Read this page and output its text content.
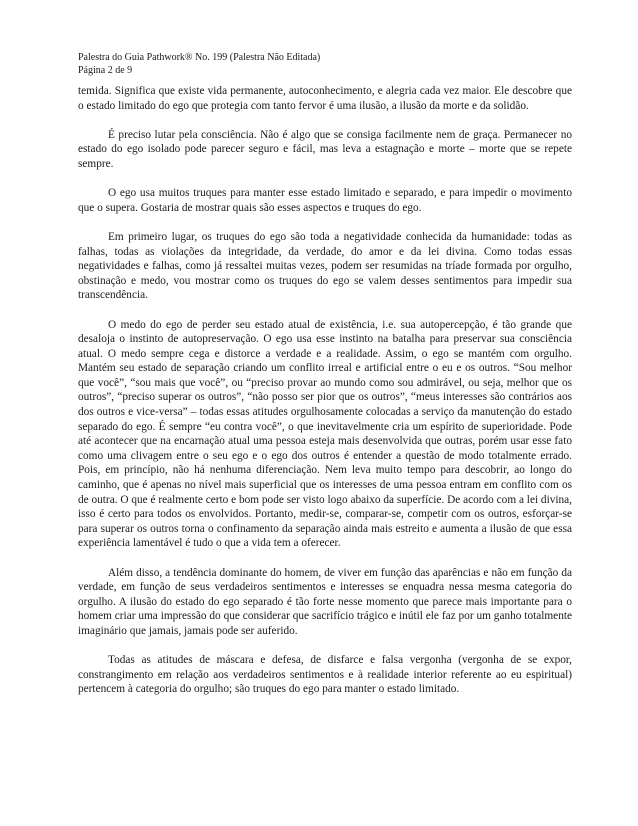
Palestra do Guia Pathwork® No. 199 (Palestra Não Editada)
Página 2 de 9

temida. Significa que existe vida permanente, autoconhecimento, e alegria cada vez maior. Ele descobre que o estado limitado do ego que protegia com tanto fervor é uma ilusão, a ilusão da morte e da solidão.

É preciso lutar pela consciência. Não é algo que se consiga facilmente nem de graça. Permanecer no estado do ego isolado pode parecer seguro e fácil, mas leva a estagnação e morte – morte que se repete sempre.

O ego usa muitos truques para manter esse estado limitado e separado, e para impedir o movimento que o supera. Gostaria de mostrar quais são esses aspectos e truques do ego.

Em primeiro lugar, os truques do ego são toda a negatividade conhecida da humanidade: todas as falhas, todas as violações da integridade, da verdade, do amor e da lei divina. Como todas essas negatividades e falhas, como já ressaltei muitas vezes, podem ser resumidas na tríade formada por orgulho, obstinação e medo, vou mostrar como os truques do ego se valem desses sentimentos para impedir sua transcendência.

O medo do ego de perder seu estado atual de existência, i.e. sua autopercepção, é tão grande que desaloja o instinto de autopreservação. O ego usa esse instinto na batalha para preservar sua consciência atual. O medo sempre cega e distorce a verdade e a realidade. Assim, o ego se mantém com orgulho. Mantém seu estado de separação criando um conflito irreal e artificial entre o eu e os outros. “Sou melhor que você”, “sou mais que você”, ou “preciso provar ao mundo como sou admirável, ou seja, melhor que os outros”, “preciso superar os outros”, “não posso ser pior que os outros”, “meus interesses são contrários aos dos outros e vice-versa” – todas essas atitudes orgulhosamente colocadas a serviço da manutenção do estado separado do ego. É sempre “eu contra você”, o que inevitavelmente cria um espírito de superioridade. Pode até acontecer que na encarnação atual uma pessoa esteja mais desenvolvida que outras, porém usar esse fato como uma clivagem entre o seu ego e o ego dos outros é entender a questão de modo totalmente errado. Pois, em princípio, não há nenhuma diferenciação. Nem leva muito tempo para descobrir, ao longo do caminho, que é apenas no nível mais superficial que os interesses de uma pessoa entram em conflito com os de outra. O que é realmente certo e bom pode ser visto logo abaixo da superfície. De acordo com a lei divina, isso é certo para todos os envolvidos. Portanto, medir-se, comparar-se, competir com os outros, esforçar-se para superar os outros torna o confinamento da separação ainda mais estreito e aumenta a ilusão de que essa experiência lamentável é tudo o que a vida tem a oferecer.

Além disso, a tendência dominante do homem, de viver em função das aparências e não em função da verdade, em função de seus verdadeiros sentimentos e interesses se enquadra nessa mesma categoria do orgulho. A ilusão do estado do ego separado é tão forte nesse momento que parece mais importante para o homem criar uma impressão do que considerar que sacrifício trágico e inútil ele faz por um ganho totalmente imaginário que jamais, jamais pode ser auferido.

Todas as atitudes de máscara e defesa, de disfarce e falsa vergonha (vergonha de se expor, constrangimento em relação aos verdadeiros sentimentos e à realidade interior referente ao eu espiritual) pertencem à categoria do orgulho; são truques do ego para manter o estado limitado.
